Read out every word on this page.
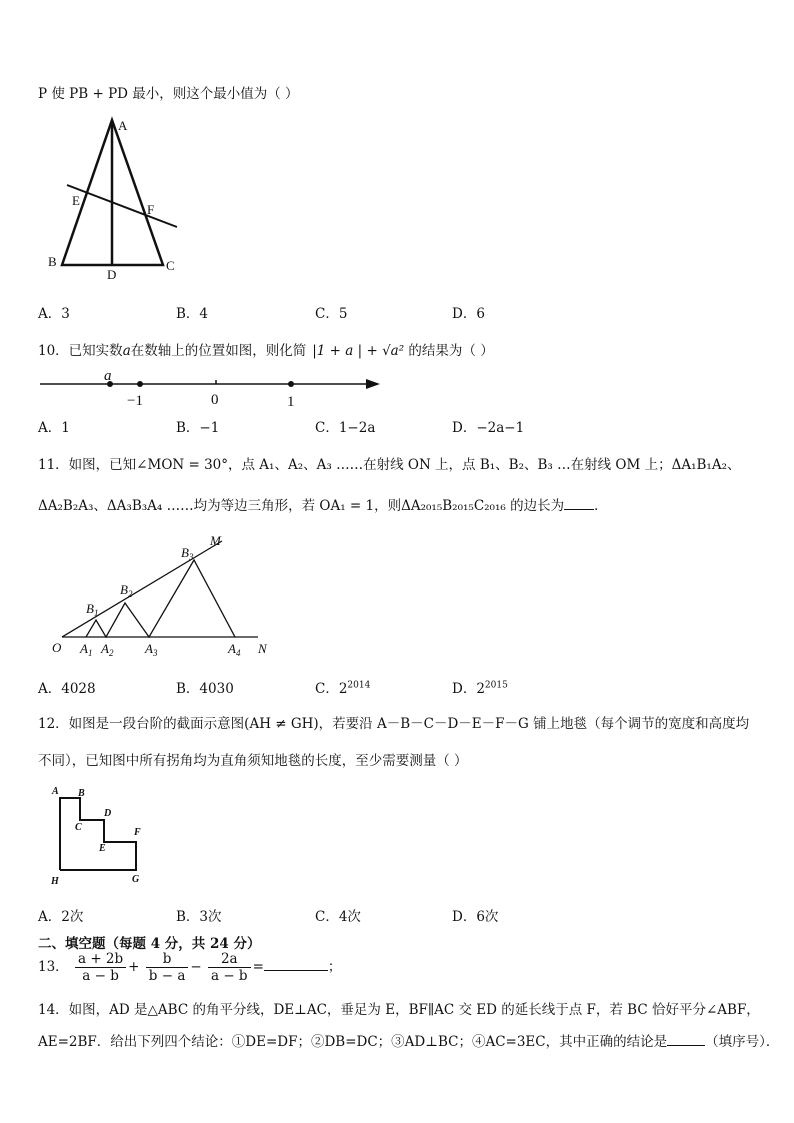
P 使 PB + PD 最小，则这个最小值为（ ）
A
E
F
B
D
C
A．3	B．4	C．5	D．6
10．已知实数a在数轴上的位置如图，则化简 |1 + a | + √a² 的结果为（ ）
a
−1	0	1
A．1	B．−1	C．1−2a	D．−2a−1
11．如图，已知∠MON = 30°，点 A₁、A₂、A₃ ……在射线 ON 上，点 B₁、B₂、B₃ …在射线 OM 上；ΔA₁B₁A₂、
ΔA₂B₂A₃、ΔA₃B₃A₄ ……均为等边三角形，若 OA₁ = 1，则ΔA₂₀₁₅B₂₀₁₅C₂₀₁₆ 的边长为 ．
O $A_1$ $A_2$ $A_3$	$A_4$ N
$B_1$
$B_2$
$B_3$
M
A．4028	B．4030	C．$2^{2014}$	D．$2^{2015}$
12．如图是一段台阶的截面示意图(AH ≠ GH)，若要沿 A－B－C－D－E－F－G 铺上地毯（每个调节的宽度和高度均
不同），已知图中所有拐角均为直角须知地毯的长度，至少需要测量（ ）
A B
C
D
E
F
H	G
A．2次	B．3次	C．4次	D．6次
二、填空题（每题 4 分，共 24 分）
13． $\frac{a + 2b}{a - b} + \frac{b}{b - a} - \frac{2a}{a - b}$ =	；
14．如图，AD 是△ABC 的角平分线，DE⊥AC，垂足为 E，BF∥AC 交 ED 的延长线于点 F，若 BC 恰好平分∠ABF，
AE=2BF．给出下列四个结论：①DE=DF；②DB=DC；③AD⊥BC；④AC=3EC，其中正确的结论是	（填序号）．
